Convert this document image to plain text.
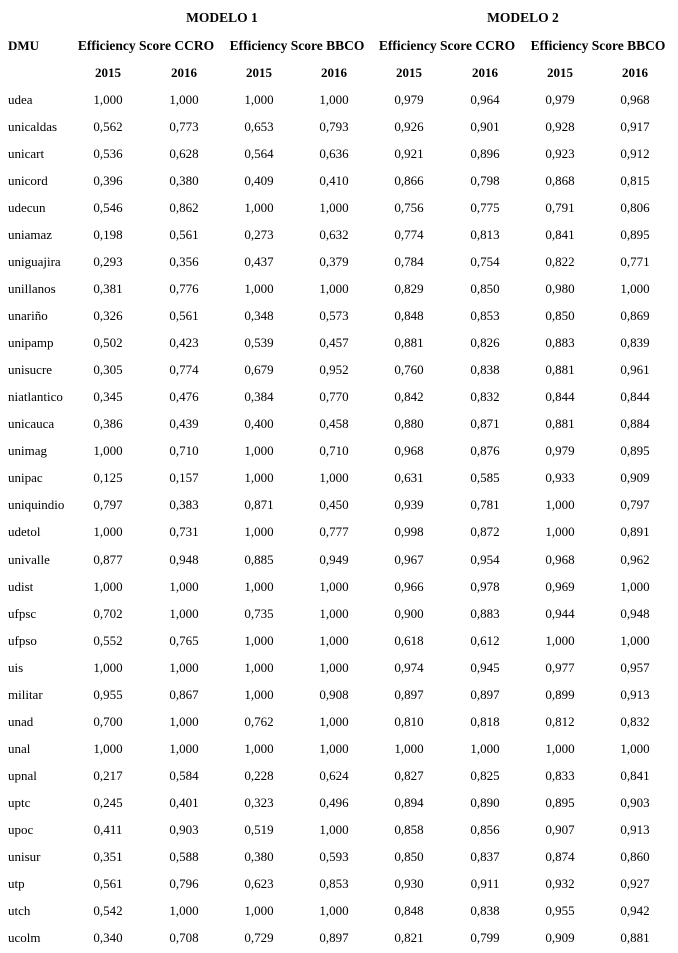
MODELO 1	MODELO 2
DMU	Efficiency Score CCRO Efficiency Score BBCO Efficiency Score CCRO Efficiency Score BBCO
2015	2016	2015	2016	2015	2016	2015	2016
udea	1,000	1,000	1,000	1,000	0,979	0,964	0,979	0,968
unicaldas	0,562	0,773	0,653	0,793	0,926	0,901	0,928	0,917
unicart	0,536	0,628	0,564	0,636	0,921	0,896	0,923	0,912
unicord	0,396	0,380	0,409	0,410	0,866	0,798	0,868	0,815
udecun	0,546	0,862	1,000	1,000	0,756	0,775	0,791	0,806
uniamaz	0,198	0,561	0,273	0,632	0,774	0,813	0,841	0,895
uniguajira	0,293	0,356	0,437	0,379	0,784	0,754	0,822	0,771
unillanos	0,381	0,776	1,000	1,000	0,829	0,850	0,980	1,000
unariño	0,326	0,561	0,348	0,573	0,848	0,853	0,850	0,869
unipamp	0,502	0,423	0,539	0,457	0,881	0,826	0,883	0,839
unisucre	0,305	0,774	0,679	0,952	0,760	0,838	0,881	0,961
niatlantico 0,345	0,476	0,384	0,770	0,842	0,832	0,844	0,844
unicauca	0,386	0,439	0,400	0,458	0,880	0,871	0,881	0,884
unimag	1,000	0,710	1,000	0,710	0,968	0,876	0,979	0,895
unipac	0,125	0,157	1,000	1,000	0,631	0,585	0,933	0,909
uniquindio 0,797	0,383	0,871	0,450	0,939	0,781	1,000	0,797
udetol	1,000	0,731	1,000	0,777	0,998	0,872	1,000	0,891
univalle	0,877	0,948	0,885	0,949	0,967	0,954	0,968	0,962
udist	1,000	1,000	1,000	1,000	0,966	0,978	0,969	1,000
ufpsc	0,702	1,000	0,735	1,000	0,900	0,883	0,944	0,948
ufpso	0,552	0,765	1,000	1,000	0,618	0,612	1,000	1,000
uis	1,000	1,000	1,000	1,000	0,974	0,945	0,977	0,957
militar	0,955	0,867	1,000	0,908	0,897	0,897	0,899	0,913
unad	0,700	1,000	0,762	1,000	0,810	0,818	0,812	0,832
unal	1,000	1,000	1,000	1,000	1,000	1,000	1,000	1,000
upnal	0,217	0,584	0,228	0,624	0,827	0,825	0,833	0,841
uptc	0,245	0,401	0,323	0,496	0,894	0,890	0,895	0,903
upoc	0,411	0,903	0,519	1,000	0,858	0,856	0,907	0,913
unisur	0,351	0,588	0,380	0,593	0,850	0,837	0,874	0,860
utp	0,561	0,796	0,623	0,853	0,930	0,911	0,932	0,927
utch	0,542	1,000	1,000	1,000	0,848	0,838	0,955	0,942
ucolm	0,340	0,708	0,729	0,897	0,821	0,799	0,909	0,881
